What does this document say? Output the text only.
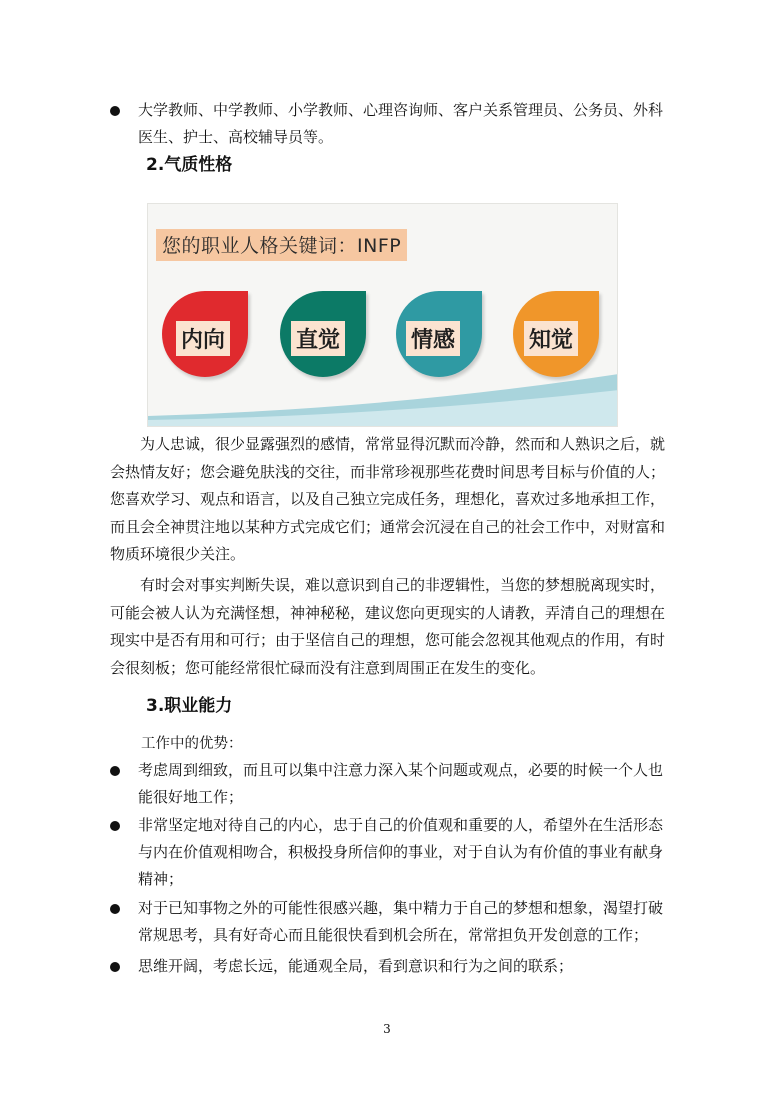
大学教师、中学教师、小学教师、心理咨询师、客户关系管理员、公务员、外科医生、护士、高校辅导员等。
2.气质性格
您的职业人格关键词：INFP
内向	直觉	情感	知觉
为人忠诚，很少显露强烈的感情，常常显得沉默而冷静，然而和人熟识之后，就会热情友好；您会避免肤浅的交往，而非常珍视那些花费时间思考目标与价值的人；您喜欢学习、观点和语言，以及自己独立完成任务，理想化，喜欢过多地承担工作，而且会全神贯注地以某种方式完成它们；通常会沉浸在自己的社会工作中，对财富和物质环境很少关注。
有时会对事实判断失误，难以意识到自己的非逻辑性，当您的梦想脱离现实时，可能会被人认为充满怪想，神神秘秘，建议您向更现实的人请教，弄清自己的理想在现实中是否有用和可行；由于坚信自己的理想，您可能会忽视其他观点的作用，有时会很刻板；您可能经常很忙碌而没有注意到周围正在发生的变化。
3.职业能力
工作中的优势：
考虑周到细致，而且可以集中注意力深入某个问题或观点，必要的时候一个人也能很好地工作；
非常坚定地对待自己的内心，忠于自己的价值观和重要的人，希望外在生活形态与内在价值观相吻合，积极投身所信仰的事业，对于自认为有价值的事业有献身精神；
对于已知事物之外的可能性很感兴趣，集中精力于自己的梦想和想象，渴望打破常规思考，具有好奇心而且能很快看到机会所在，常常担负开发创意的工作；
思维开阔，考虑长远，能通观全局，看到意识和行为之间的联系；
3
